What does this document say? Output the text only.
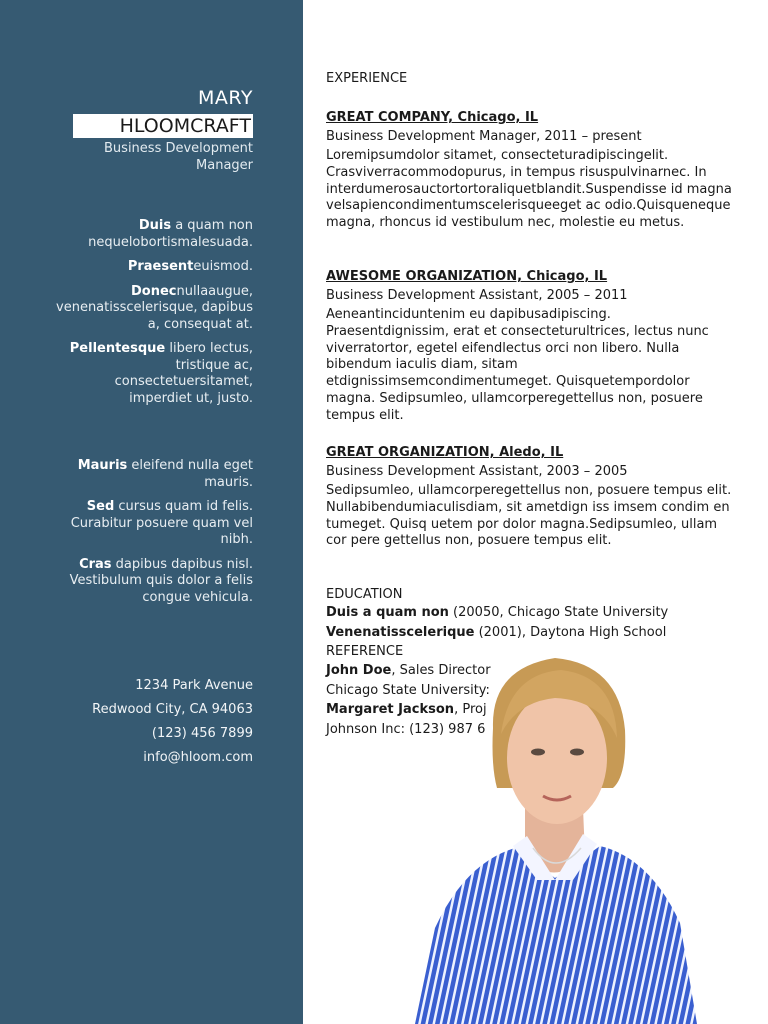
MARY
HLOOMCRAFT
Business Development Manager
Duis a quam non nequelobortismalesuada.
Praesenteuismod.
Donecnullaaugue, venenatisscelerisque, dapibus a, consequat at.
Pellentesque libero lectus, tristique ac, consectetuersitamet, imperdiet ut, justo.
Mauris eleifend nulla eget mauris.
Sed cursus quam id felis. Curabitur posuere quam vel nibh.
Cras dapibus dapibus nisl. Vestibulum quis dolor a felis congue vehicula.
1234 Park Avenue
Redwood City, CA 94063
(123) 456 7899
info@hloom.com
EXPERIENCE
GREAT COMPANY, Chicago, IL
Business Development Manager, 2011 – present

Loremipsumdolor sitamet, consecteturadipiscingelit. Crasviverracommodopurus, in tempus risuspulvinarnec. In interdumerosauctortortoraliquetblandit.Suspendisse id magna velsapiencondimentumscelerisqueeget ac odio.Quisqueneque magna, rhoncus id vestibulum nec, molestie eu metus.

AWESOME ORGANIZATION, Chicago, IL
Business Development Assistant, 2005 – 2011

Aeneantinciduntenim eu dapibusadipiscing. Praesentdignissim, erat et consecteturultrices, lectus nunc viverratortor, egetel eifendlectus orci non libero. Nulla bibendum iaculis diam, sitam etdignissimsemcondimentumeget. Quisquetempordolor magna. Sedipsumleo, ullamcorperegettellus non, posuere tempus elit.

GREAT ORGANIZATION, Aledo, IL
Business Development Assistant, 2003 – 2005

Sedipsumleo, ullamcorperegettellus non, posuere tempus elit.

Nullabibendumiaculisdiam, sit ametdign iss imsem condim en tumeget. Quisq uetem por dolor magna.Sedipsumleo, ullam cor pere gettellus non, posuere tempus elit.

EDUCATION
Duis a quam non (20050, Chicago State University
Venenatisscelerique (2001), Daytona High School
REFERENCE
John Doe, Sales Director
Chicago State University:
Margaret Jackson, Proj
Johnson Inc: (123) 987 6
